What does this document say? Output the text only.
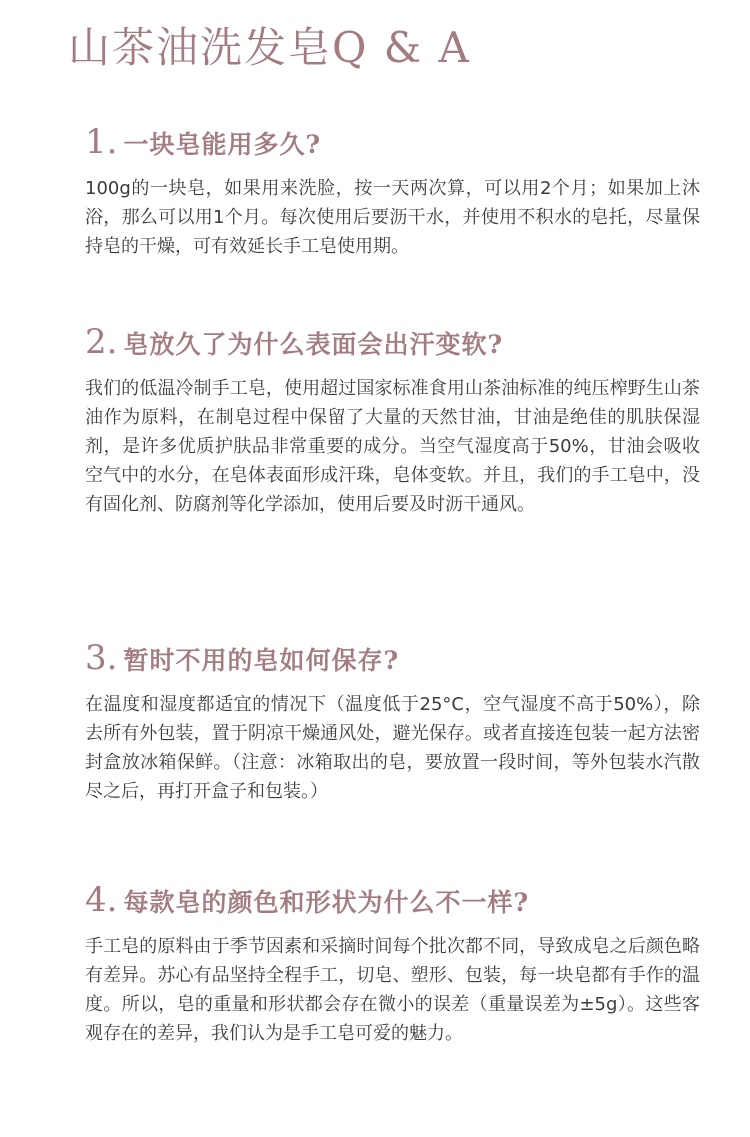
山茶油洗发皂Q & A
1. 一块皂能用多久?

100g的一块皂，如果用来洗脸，按一天两次算，可以用2个月；如果加上沐浴，那么可以用1个月。每次使用后要沥干水，并使用不积水的皂托，尽量保持皂的干燥，可有效延长手工皂使用期。

2. 皂放久了为什么表面会出汗变软?

我们的低温冷制手工皂，使用超过国家标准食用山茶油标准的纯压榨野生山茶油作为原料，在制皂过程中保留了大量的天然甘油，甘油是绝佳的肌肤保湿剂，是许多优质护肤品非常重要的成分。当空气湿度高于50%，甘油会吸收空气中的水分，在皂体表面形成汗珠，皂体变软。并且，我们的手工皂中，没有固化剂、防腐剂等化学添加，使用后要及时沥干通风。

3. 暂时不用的皂如何保存?

在温度和湿度都适宜的情况下（温度低于25°C，空气湿度不高于50%），除去所有外包装，置于阴凉干燥通风处，避光保存。或者直接连包装一起方法密封盒放冰箱保鲜。（注意：冰箱取出的皂，要放置一段时间，等外包装水汽散尽之后，再打开盒子和包装。）

4. 每款皂的颜色和形状为什么不一样?

手工皂的原料由于季节因素和采摘时间每个批次都不同，导致成皂之后颜色略有差异。苏心有品坚持全程手工，切皂、塑形、包装，每一块皂都有手作的温度。所以，皂的重量和形状都会存在微小的误差（重量误差为±5g）。这些客观存在的差异，我们认为是手工皂可爱的魅力。
